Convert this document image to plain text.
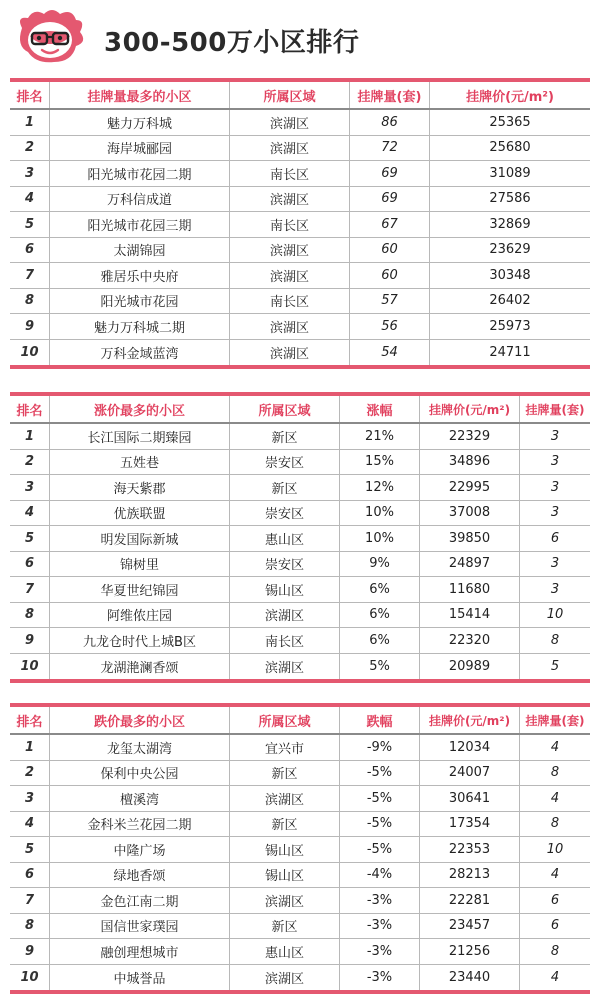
300-500万小区排行
排名	挂牌量最多的小区	所属区域	挂牌量(套)	挂牌价(元/m²)
1	魅力万科城	滨湖区	86	25365
2	海岸城郦园	滨湖区	72	25680
3	阳光城市花园二期	南长区	69	31089
4	万科信成道	滨湖区	69	27586
5	阳光城市花园三期	南长区	67	32869
6	太湖锦园	滨湖区	60	23629
7	雅居乐中央府	滨湖区	60	30348
8	阳光城市花园	南长区	57	26402
9	魅力万科城二期	滨湖区	56	25973
10	万科金域蓝湾	滨湖区	54	24711
排名	涨价最多的小区	所属区域	涨幅	挂牌价(元/m²)	挂牌量(套)
1	长江国际二期臻园	新区	21%	22329	3
2	五姓巷	崇安区	15%	34896	3
3	海天紫郡	新区	12%	22995	3
4	优族联盟	崇安区	10%	37008	3
5	明发国际新城	惠山区	10%	39850	6
6	锦树里	崇安区	9%	24897	3
7	华夏世纪锦园	锡山区	6%	11680	3
8	阿维侬庄园	滨湖区	6%	15414	10
9	九龙仓时代上城B区	南长区	6%	22320	8
10	龙湖滟澜香颂	滨湖区	5%	20989	5
排名	跌价最多的小区	所属区域	跌幅	挂牌价(元/m²)	挂牌量(套)
1	龙玺太湖湾	宜兴市	-9%	12034	4
2	保利中央公园	新区	-5%	24007	8
3	檀溪湾	滨湖区	-5%	30641	4
4	金科米兰花园二期	新区	-5%	17354	8
5	中隆广场	锡山区	-5%	22353	10
6	绿地香颂	锡山区	-4%	28213	4
7	金色江南二期	滨湖区	-3%	22281	6
8	国信世家璞园	新区	-3%	23457	6
9	融创理想城市	惠山区	-3%	21256	8
10	中城誉品	滨湖区	-3%	23440	4
